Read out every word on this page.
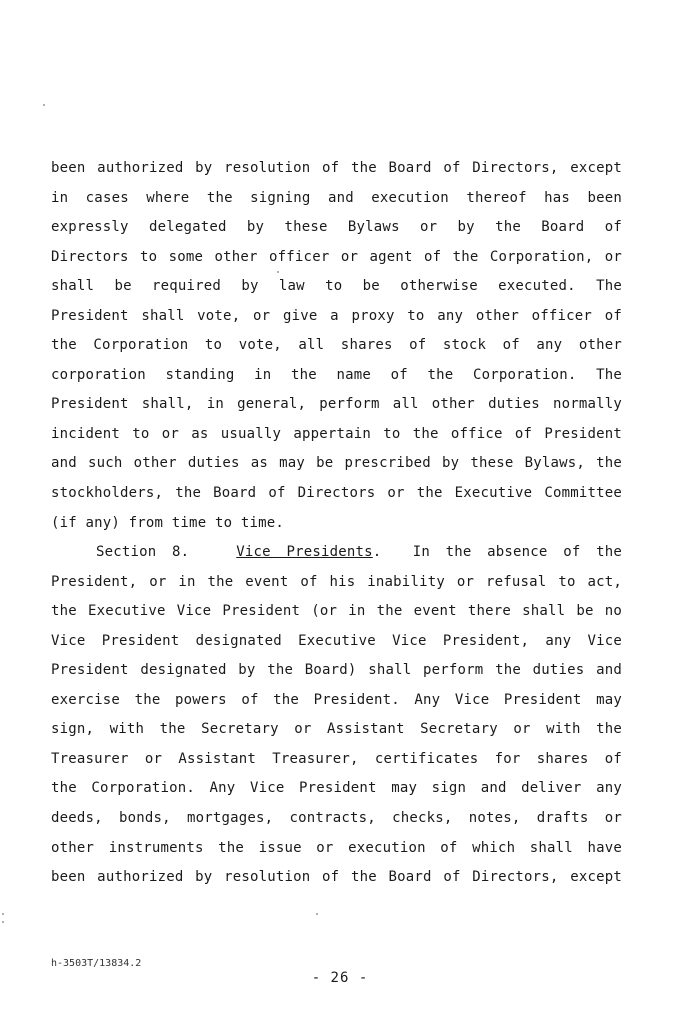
been authorized by resolution of the Board of Directors, except
in cases where the signing and execution thereof has been
expressly delegated by these Bylaws or by the Board of
Directors to some other officer or agent of the Corporation, or
shall be required by law to be otherwise executed. The
President shall vote, or give a proxy to any other officer of
the Corporation to vote, all shares of stock of any other
corporation standing in the name of the Corporation. The
President shall, in general, perform all other duties normally
incident to or as usually appertain to the office of President
and such other duties as may be prescribed by these Bylaws, the
stockholders, the Board of Directors or the Executive Committee
(if any) from time to time.
Section 8.	Vice Presidents. In the absence of the
President, or in the event of his inability or refusal to act,
the Executive Vice President (or in the event there shall be no
Vice President designated Executive Vice President, any Vice
President designated by the Board) shall perform the duties and
exercise the powers of the President. Any Vice President may
sign, with the Secretary or Assistant Secretary or with the
Treasurer or Assistant Treasurer, certificates for shares of
the Corporation. Any Vice President may sign and deliver any
deeds, bonds, mortgages, contracts, checks, notes, drafts or
other instruments the issue or execution of which shall have
been authorized by resolution of the Board of Directors, except
h-3503T/13834.2
- 26 -
